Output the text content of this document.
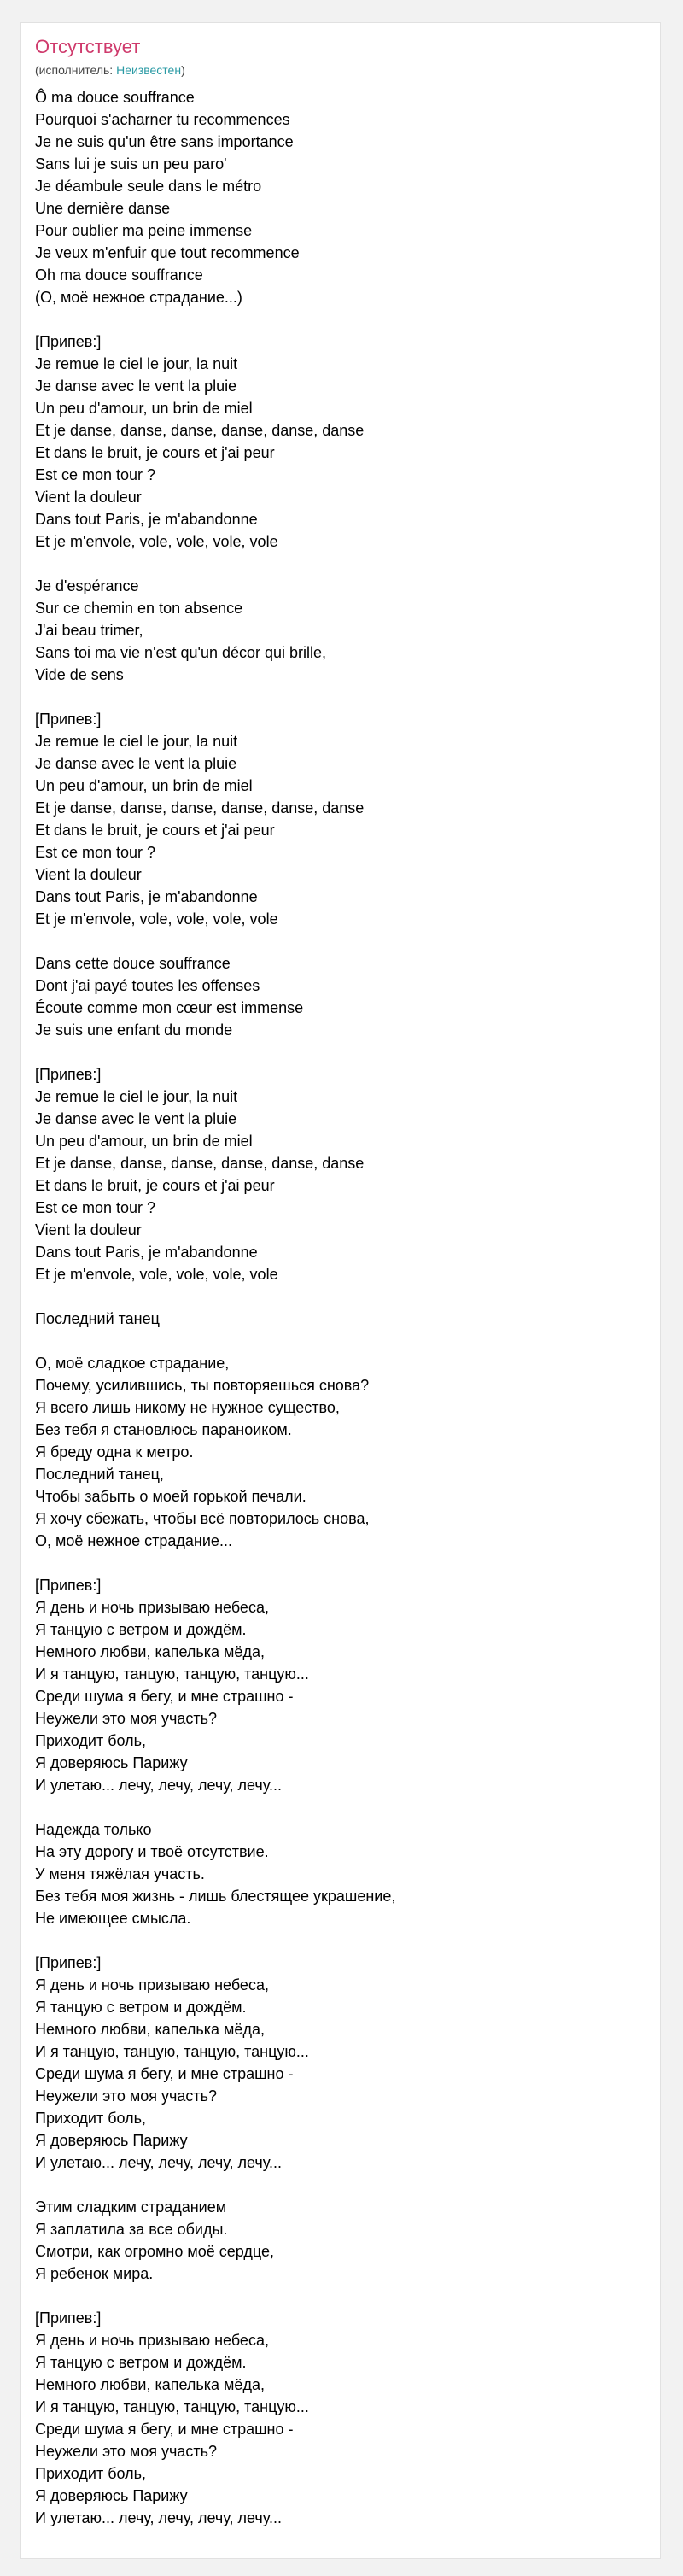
Отсутствует
(исполнитель: Неизвестен)
Ô ma douce souffrance
Pourquoi s'acharner tu recommences
Je ne suis qu'un être sans importance
Sans lui je suis un peu paro'
Je déambule seule dans le métro
Une dernière danse
Pour oublier ma peine immense
Je veux m'enfuir que tout recommence
Oh ma douce souffrance
(О, моё нежное страдание...)

[Припев:]
Je remue le ciel le jour, la nuit
Je danse avec le vent la pluie
Un peu d'amour, un brin de miel
Et je danse, danse, danse, danse, danse, danse
Et dans le bruit, je cours et j'ai peur
Est ce mon tour ?
Vient la douleur
Dans tout Paris, je m'abandonne
Et je m'envole, vole, vole, vole, vole

Je d'espérance
Sur ce chemin en ton absence
J'ai beau trimer,
Sans toi ma vie n'est qu'un décor qui brille,
Vide de sens

[Припев:]
Je remue le ciel le jour, la nuit
Je danse avec le vent la pluie
Un peu d'amour, un brin de miel
Et je danse, danse, danse, danse, danse, danse
Et dans le bruit, je cours et j'ai peur
Est ce mon tour ?
Vient la douleur
Dans tout Paris, je m'abandonne
Et je m'envole, vole, vole, vole, vole

Dans cette douce souffrance
Dont j'ai payé toutes les offenses
Écoute comme mon cœur est immense
Je suis une enfant du monde

[Припев:]
Je remue le ciel le jour, la nuit
Je danse avec le vent la pluie
Un peu d'amour, un brin de miel
Et je danse, danse, danse, danse, danse, danse
Et dans le bruit, je cours et j'ai peur
Est ce mon tour ?
Vient la douleur
Dans tout Paris, je m'abandonne
Et je m'envole, vole, vole, vole, vole

Последний танец

О, моё сладкое страдание,
Почему, усилившись, ты повторяешься снова?
Я всего лишь никому не нужное существо,
Без тебя я становлюсь параноиком.
Я бреду одна к метро.
Последний танец,
Чтобы забыть о моей горькой печали.
Я хочу сбежать, чтобы всё повторилось снова,
О, моё нежное страдание...

[Припев:]
Я день и ночь призываю небеса,
Я танцую с ветром и дождём.
Немного любви, капелька мёда,
И я танцую, танцую, танцую, танцую...
Среди шума я бегу, и мне страшно -
Неужели это моя участь?
Приходит боль,
Я доверяюсь Парижу
И улетаю... лечу, лечу, лечу, лечу...

Надежда только
На эту дорогу и твоё отсутствие.
У меня тяжёлая участь.
Без тебя моя жизнь - лишь блестящее украшение,
Не имеющее смысла.

[Припев:]
Я день и ночь призываю небеса,
Я танцую с ветром и дождём.
Немного любви, капелька мёда,
И я танцую, танцую, танцую, танцую...
Среди шума я бегу, и мне страшно -
Неужели это моя участь?
Приходит боль,
Я доверяюсь Парижу
И улетаю... лечу, лечу, лечу, лечу...

Этим сладким страданием
Я заплатила за все обиды.
Смотри, как огромно моё сердце,
Я ребенок мира.

[Припев:]
Я день и ночь призываю небеса,
Я танцую с ветром и дождём.
Немного любви, капелька мёда,
И я танцую, танцую, танцую, танцую...
Среди шума я бегу, и мне страшно -
Неужели это моя участь?
Приходит боль,
Я доверяюсь Парижу
И улетаю... лечу, лечу, лечу, лечу...
